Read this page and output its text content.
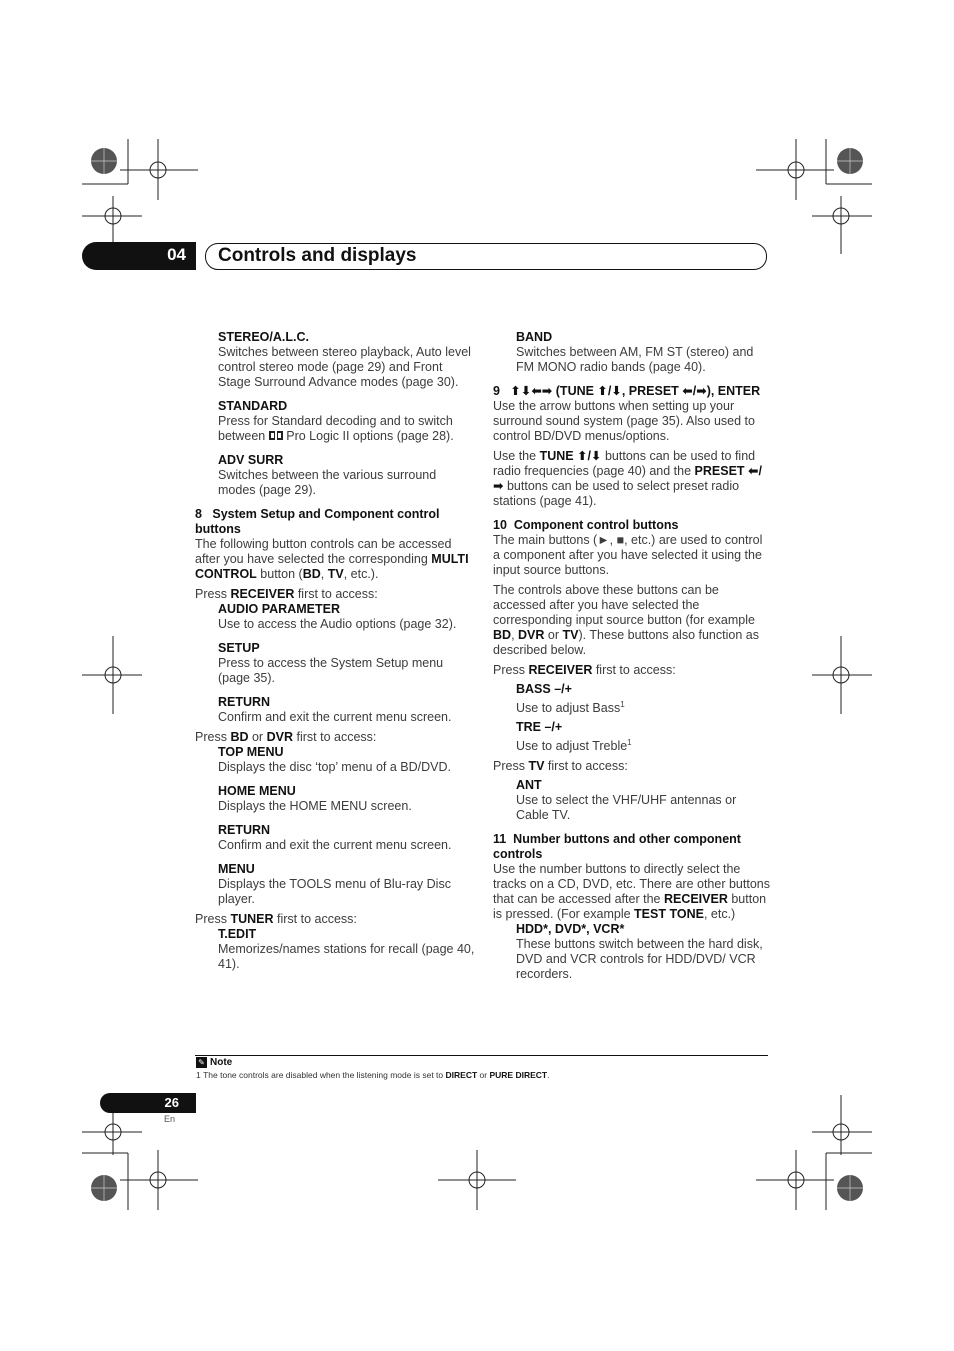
04 Controls and displays
STEREO/A.L.C.
Switches between stereo playback, Auto level control stereo mode (page 29) and Front Stage Surround Advance modes (page 30).
STANDARD
Press for Standard decoding and to switch between Pro Logic II options (page 28).
ADV SURR
Switches between the various surround modes (page 29).
8 System Setup and Component control buttons
The following button controls can be accessed after you have selected the corresponding MULTI CONTROL button (BD, TV, etc.).
Press RECEIVER first to access:
AUDIO PARAMETER
Use to access the Audio options (page 32).
SETUP
Press to access the System Setup menu (page 35).
RETURN
Confirm and exit the current menu screen.
Press BD or DVR first to access:
TOP MENU
Displays the disc ‘top’ menu of a BD/DVD.
HOME MENU
Displays the HOME MENU screen.
RETURN
Confirm and exit the current menu screen.
MENU
Displays the TOOLS menu of Blu-ray Disc player.
Press TUNER first to access:
T.EDIT
Memorizes/names stations for recall (page 40, 41).
BAND
Switches between AM, FM ST (stereo) and FM MONO radio bands (page 40).
9 ⬆⬇⬅➡ (TUNE ⬆/⬇, PRESET ⬅/➡), ENTER
Use the arrow buttons when setting up your surround sound system (page 35). Also used to control BD/DVD menus/options.
Use the TUNE ⬆/⬇ buttons can be used to find radio frequencies (page 40) and the PRESET ⬅/➡ buttons can be used to select preset radio stations (page 41).
10 Component control buttons
The main buttons (►, ■, etc.) are used to control a component after you have selected it using the input source buttons.
The controls above these buttons can be accessed after you have selected the corresponding input source button (for example BD, DVR or TV). These buttons also function as described below.
Press RECEIVER first to access:
BASS –/+
Use to adjust Bass$^1$
TRE –/+
Use to adjust Treble$^1$
Press TV first to access:
ANT
Use to select the VHF/UHF antennas or Cable TV.
11 Number buttons and other component controls
Use the number buttons to directly select the tracks on a CD, DVD, etc. There are other buttons that can be accessed after the RECEIVER button is pressed. (For example TEST TONE, etc.)
HDD*, DVD*, VCR*
These buttons switch between the hard disk, DVD and VCR controls for HDD/DVD/ VCR recorders.
✎ Note
1 The tone controls are disabled when the listening mode is set to DIRECT or PURE DIRECT.
26
En
